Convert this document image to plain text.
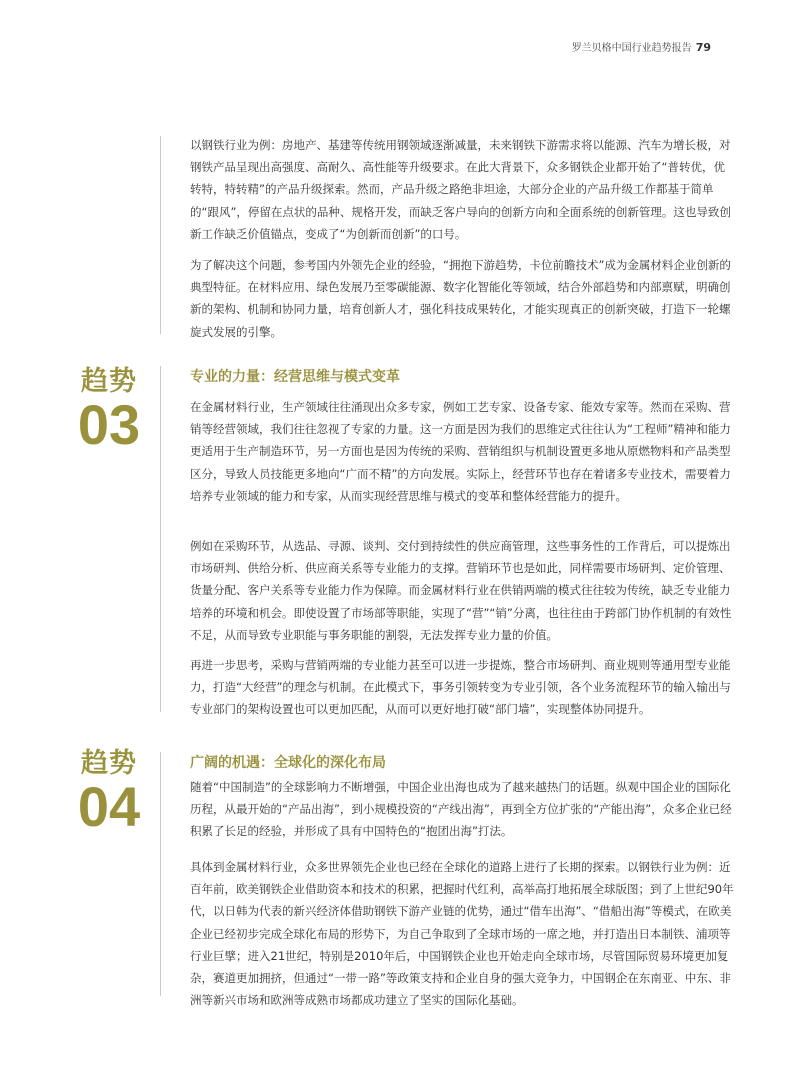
罗兰贝格中国行业趋势报告 79

以钢铁行业为例：房地产、基建等传统用钢领域逐渐减量，未来钢铁下游需求将以能源、汽车为增长极，对钢铁产品呈现出高强度、高耐久、高性能等升级要求。在此大背景下，众多钢铁企业都开始了“普转优，优转特，特转精”的产品升级探索。然而，产品升级之路绝非坦途，大部分企业的产品升级工作都基于简单的“跟风”，停留在点状的品种、规格开发，而缺乏客户导向的创新方向和全面系统的创新管理。这也导致创新工作缺乏价值锚点，变成了“为创新而创新”的口号。

为了解决这个问题，参考国内外领先企业的经验，“拥抱下游趋势，卡位前瞻技术”成为金属材料企业创新的典型特征。在材料应用、绿色发展乃至零碳能源、数字化智能化等领域，结合外部趋势和内部禀赋，明确创新的架构、机制和协同力量，培育创新人才，强化科技成果转化，才能实现真正的创新突破，打造下一轮螺旋式发展的引擎。

趋势
03
专业的力量：经营思维与模式变革

在金属材料行业，生产领域往往涌现出众多专家，例如工艺专家、设备专家、能效专家等。然而在采购、营销等经营领域，我们往往忽视了专家的力量。这一方面是因为我们的思维定式往往认为“工程师”精神和能力更适用于生产制造环节，另一方面也是因为传统的采购、营销组织与机制设置更多地从原燃物料和产品类型区分，导致人员技能更多地向“广而不精”的方向发展。实际上，经营环节也存在着诸多专业技术，需要着力培养专业领域的能力和专家，从而实现经营思维与模式的变革和整体经营能力的提升。

例如在采购环节，从选品、寻源、谈判、交付到持续性的供应商管理，这些事务性的工作背后，可以提炼出市场研判、供给分析、供应商关系等专业能力的支撑。营销环节也是如此，同样需要市场研判、定价管理、货量分配、客户关系等专业能力作为保障。而金属材料行业在供销两端的模式往往较为传统，缺乏专业能力培养的环境和机会。即使设置了市场部等职能，实现了“营”“销”分离，也往往由于跨部门协作机制的有效性不足，从而导致专业职能与事务职能的割裂，无法发挥专业力量的价值。

再进一步思考，采购与营销两端的专业能力甚至可以进一步提炼，整合市场研判、商业规则等通用型专业能力，打造“大经营”的理念与机制。在此模式下，事务引领转变为专业引领，各个业务流程环节的输入输出与专业部门的架构设置也可以更加匹配，从而可以更好地打破“部门墙”，实现整体协同提升。

趋势
04
广阔的机遇：全球化的深化布局

随着“中国制造”的全球影响力不断增强，中国企业出海也成为了越来越热门的话题。纵观中国企业的国际化历程，从最开始的“产品出海”，到小规模投资的“产线出海”，再到全方位扩张的“产能出海”，众多企业已经积累了长足的经验，并形成了具有中国特色的“抱团出海”打法。

具体到金属材料行业，众多世界领先企业也已经在全球化的道路上进行了长期的探索。以钢铁行业为例：近百年前，欧美钢铁企业借助资本和技术的积累，把握时代红利，高举高打地拓展全球版图；到了上世纪90年代，以日韩为代表的新兴经济体借助钢铁下游产业链的优势，通过“借车出海”、“借船出海”等模式，在欧美企业已经初步完成全球化布局的形势下，为自己争取到了全球市场的一席之地，并打造出日本制铁、浦项等行业巨擘；进入21世纪，特别是2010年后，中国钢铁企业也开始走向全球市场，尽管国际贸易环境更加复杂，赛道更加拥挤，但通过“一带一路”等政策支持和企业自身的强大竞争力，中国钢企在东南亚、中东、非洲等新兴市场和欧洲等成熟市场都成功建立了坚实的国际化基础。
